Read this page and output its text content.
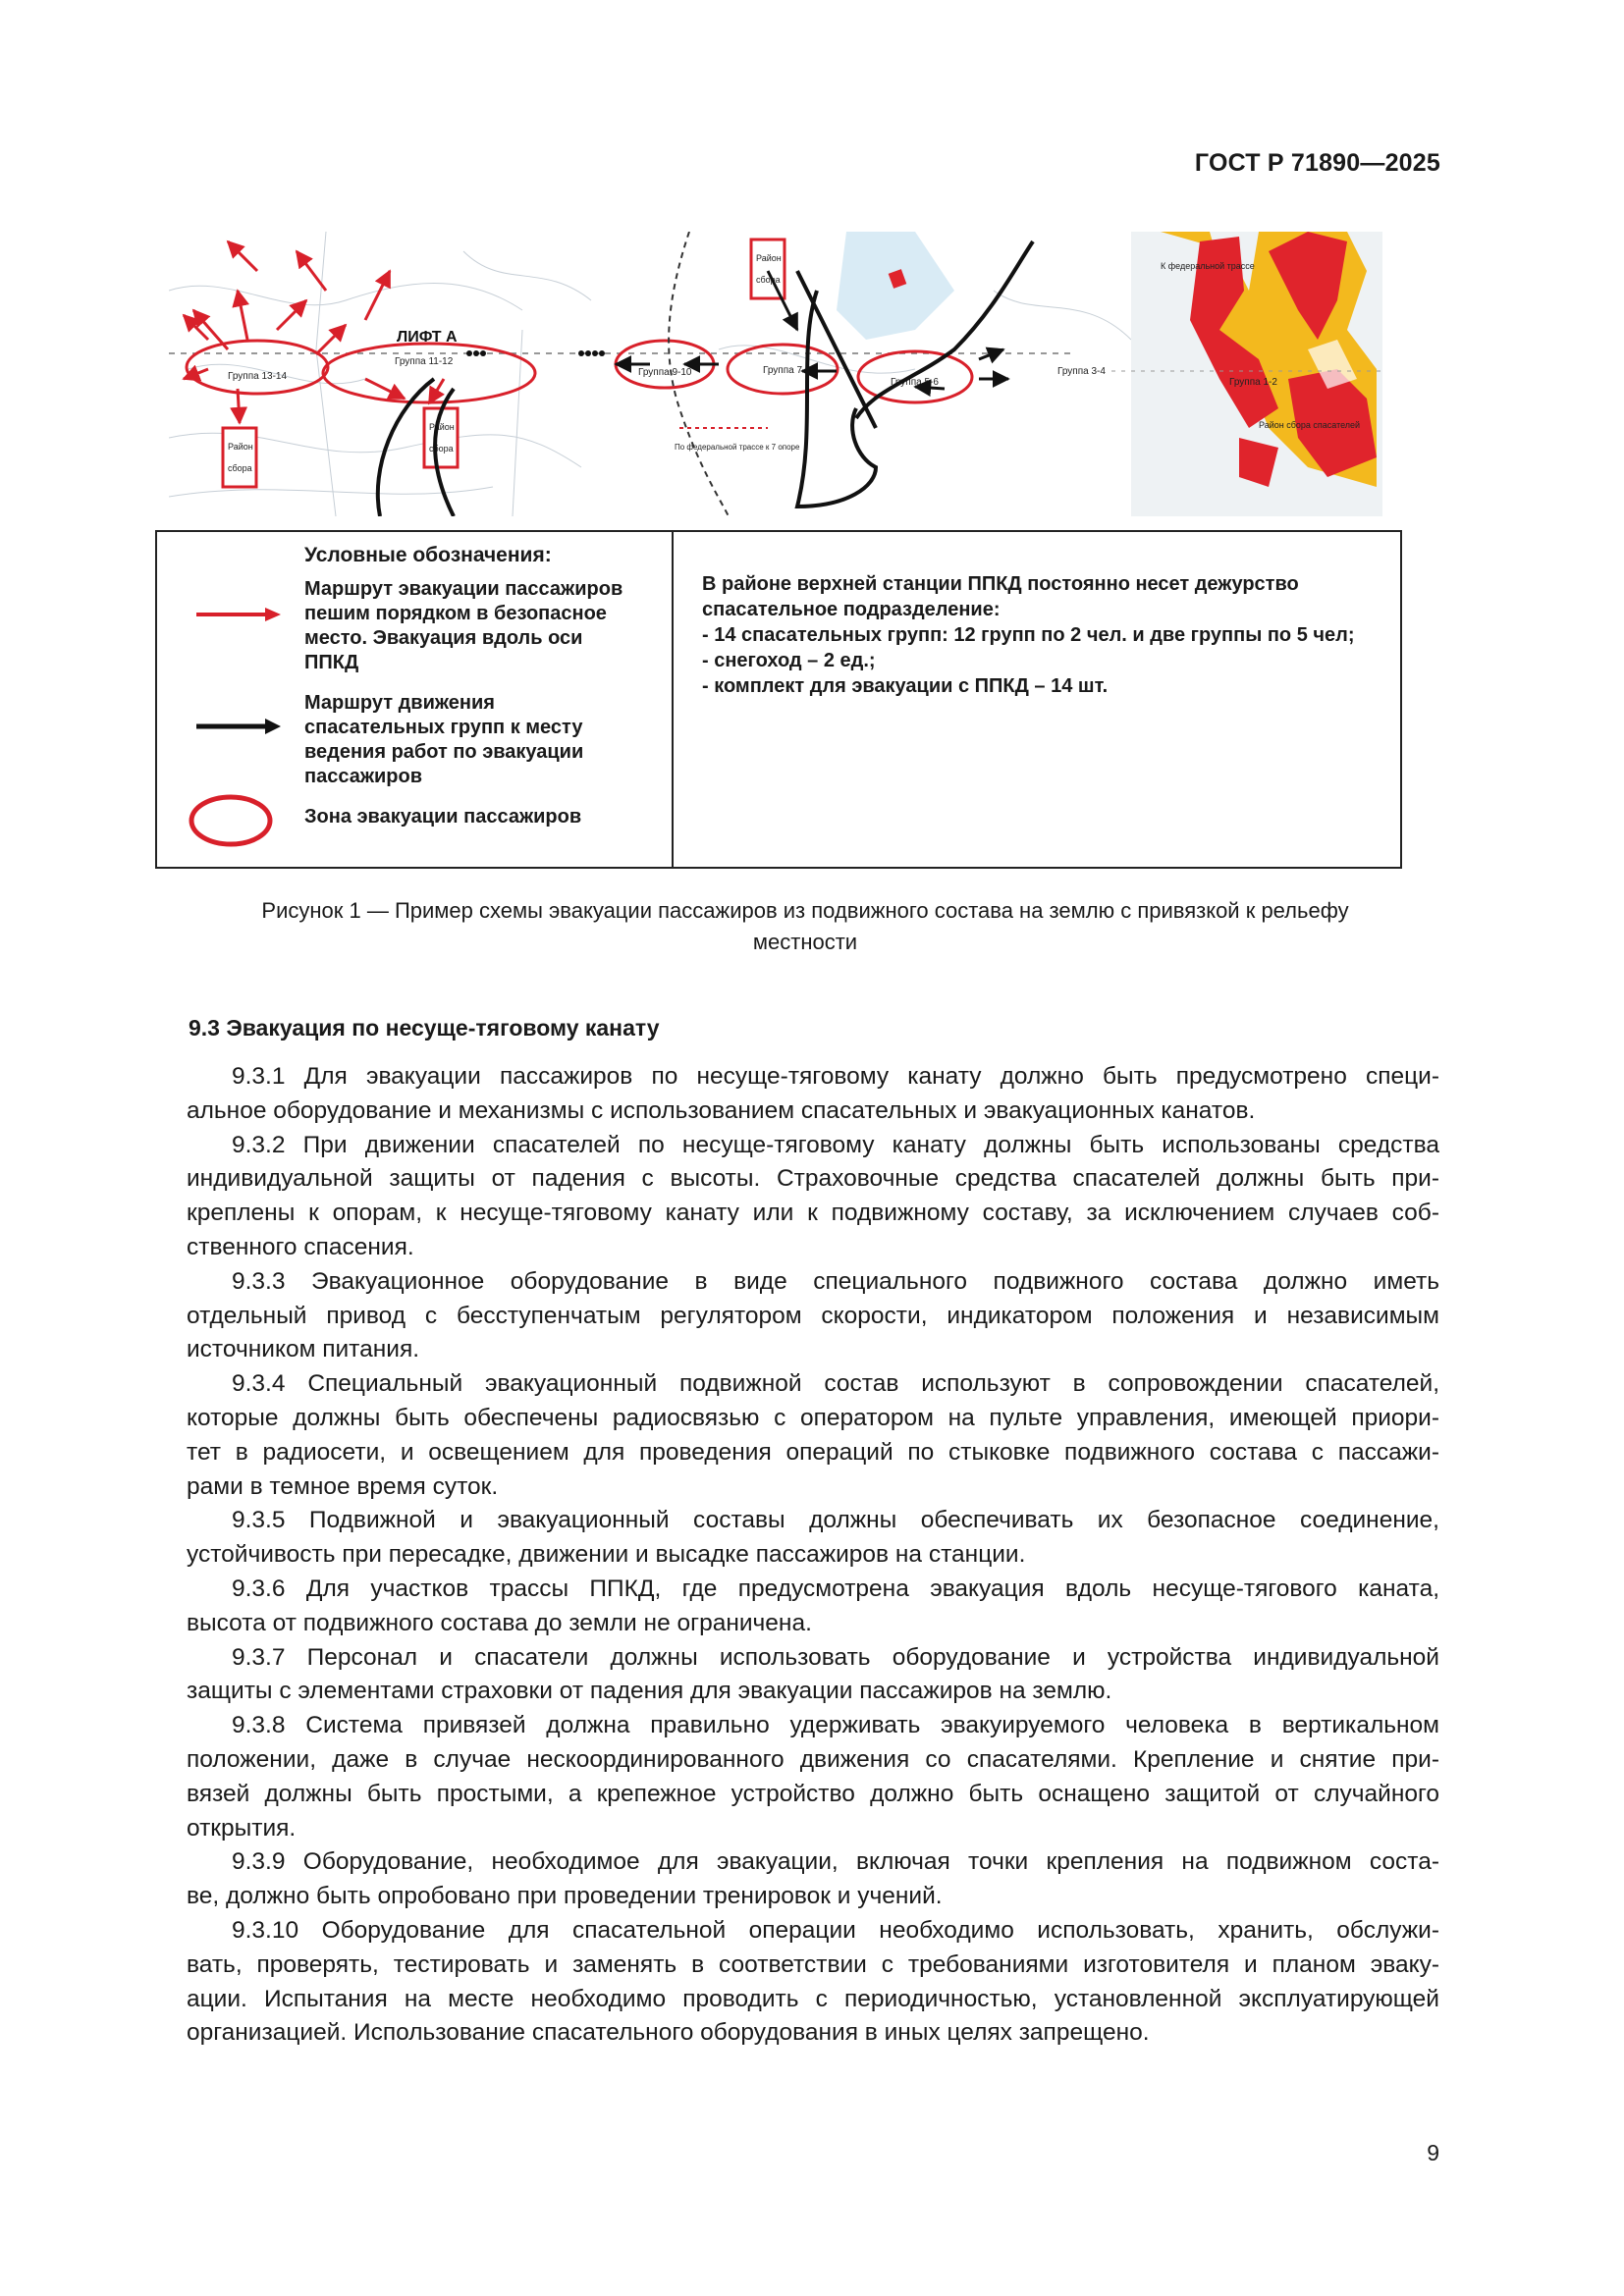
ГОСТ Р 71890—2025
Группа 13-14
Группа 11-12
Группа 9-10	Группа 7-8
Группа 5-6
Группа 3-4
Группа 1-2
К федеральной трассе
По федеральной трассе к 7 опоре
ЛИФТ А
Район
сбора
Район
сбора
Район
сбора
Район сбора спасателей
Условные обозначения:
Маршрут эвакуации пассажиров пешим порядком в безопасное место. Эвакуация вдоль оси ППКД
Маршрут движения спасательных групп к месту ведения работ по эвакуации пассажиров
Зона эвакуации пассажиров
В районе верхней станции ППКД постоянно несет дежурство
спасательное подразделение:
- 14 спасательных групп: 12 групп по 2 чел. и две группы по 5 чел;
- снегоход – 2 ед.;
- комплект для эвакуации с ППКД – 14 шт.
Рисунок 1 — Пример схемы эвакуации пассажиров из подвижного состава на землю с привязкой к рельефу
местности
9.3 Эвакуация по несуще-тяговому канату
9.3.1 Для эвакуации пассажиров по несуще-тяговому канату должно быть предусмотрено специ-
альное оборудование и механизмы с использованием спасательных и эвакуационных канатов.
9.3.2 При движении спасателей по несуще-тяговому канату должны быть использованы средства
индивидуальной защиты от падения с высоты. Страховочные средства спасателей должны быть при-
креплены к опорам, к несуще-тяговому канату или к подвижному составу, за исключением случаев соб-
ственного спасения.
9.3.3 Эвакуационное оборудование в виде специального подвижного состава должно иметь
отдельный привод с бесступенчатым регулятором скорости, индикатором положения и независимым
источником питания.
9.3.4 Специальный эвакуационный подвижной состав используют в сопровождении спасателей,
которые должны быть обеспечены радиосвязью с оператором на пульте управления, имеющей приори-
тет в радиосети, и освещением для проведения операций по стыковке подвижного состава с пассажи-
рами в темное время суток.
9.3.5 Подвижной и эвакуационный составы должны обеспечивать их безопасное соединение,
устойчивость при пересадке, движении и высадке пассажиров на станции.
9.3.6 Для участков трассы ППКД, где предусмотрена эвакуация вдоль несуще-тягового каната,
высота от подвижного состава до земли не ограничена.
9.3.7 Персонал и спасатели должны использовать оборудование и устройства индивидуальной
защиты с элементами страховки от падения для эвакуации пассажиров на землю.
9.3.8 Система привязей должна правильно удерживать эвакуируемого человека в вертикальном
положении, даже в случае нескоординированного движения со спасателями. Крепление и снятие при-
вязей должны быть простыми, а крепежное устройство должно быть оснащено защитой от случайного
открытия.
9.3.9 Оборудование, необходимое для эвакуации, включая точки крепления на подвижном соста-
ве, должно быть опробовано при проведении тренировок и учений.
9.3.10 Оборудование для спасательной операции необходимо использовать, хранить, обслужи-
вать, проверять, тестировать и заменять в соответствии с требованиями изготовителя и планом эваку-
ации. Испытания на месте необходимо проводить с периодичностью, установленной эксплуатирующей
организацией. Использование спасательного оборудования в иных целях запрещено.
9
